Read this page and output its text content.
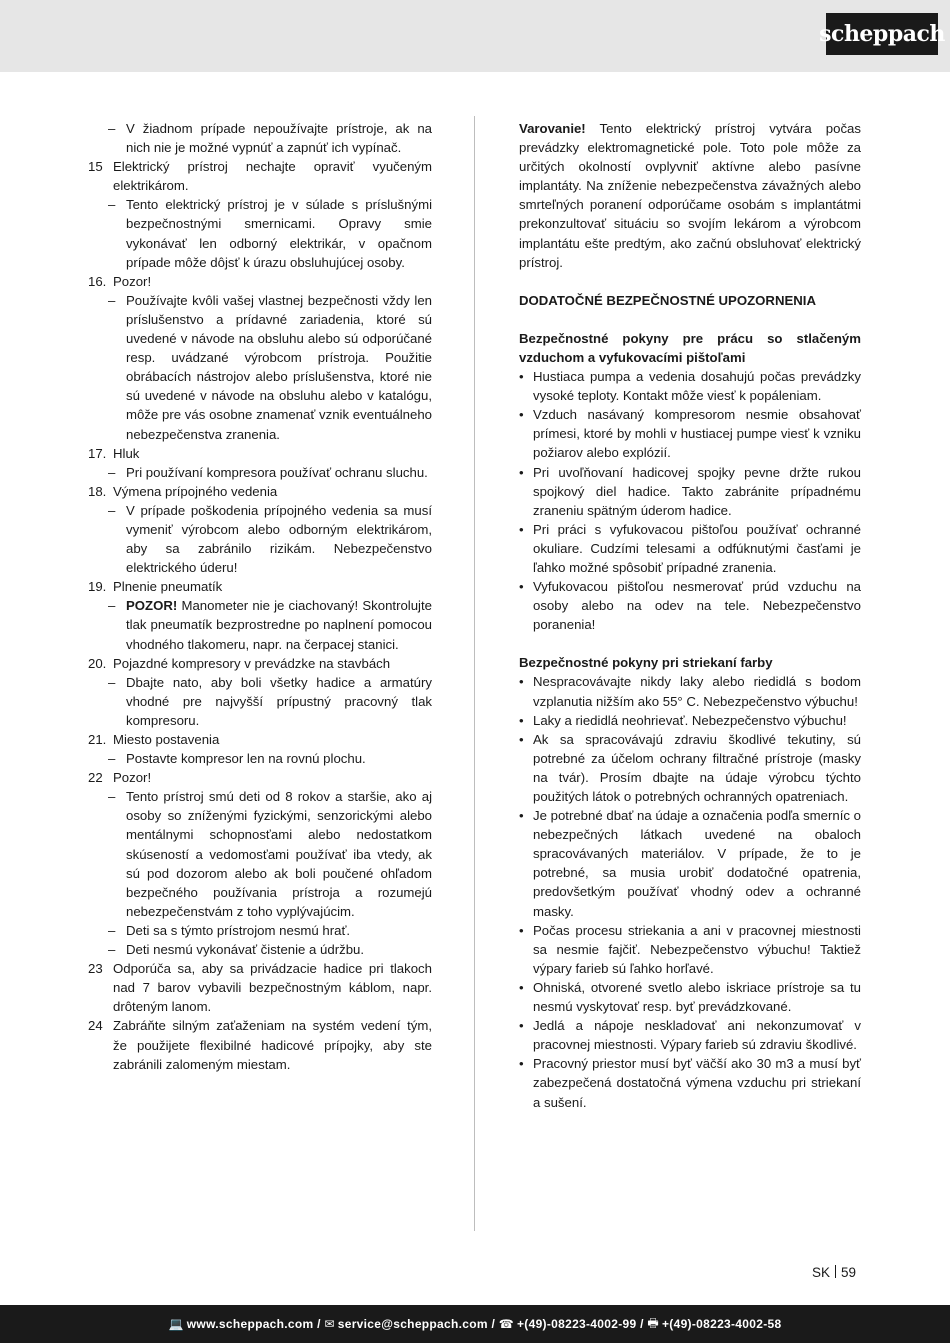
scheppach
– V žiadnom prípade nepoužívajte prístroje, ak na nich nie je možné vypnúť a zapnúť ich vypínač.
15 Elektrický prístroj nechajte opraviť vyučeným elektrikárom.
– Tento elektrický prístroj je v súlade s príslušnými bezpečnostnými smernicami. Opravy smie vykonávať len odborný elektrikár, v opačnom prípade môže dôjsť k úrazu obsluhujúcej osoby.
16. Pozor!
– Používajte kvôli vašej vlastnej bezpečnosti vždy len príslušenstvo a prídavné zariadenia, ktoré sú uvedené v návode na obsluhu alebo sú odporúčané resp. uvádzané výrobcom prístroja. Použitie obrábacích nástrojov alebo príslušenstva, ktoré nie sú uvedené v návode na obsluhu alebo v katalógu, môže pre vás osobne znamenať vznik eventuálneho nebezpečenstva zranenia.
17. Hluk
– Pri používaní kompresora používať ochranu sluchu.
18. Výmena prípojného vedenia
– V prípade poškodenia prípojného vedenia sa musí vymeniť výrobcom alebo odborným elektrikárom, aby sa zabránilo rizikám. Nebezpečenstvo elektrického úderu!
19. Plnenie pneumatík
– POZOR! Manometer nie je ciachovaný! Skontrolujte tlak pneumatík bezprostredne po naplnení pomocou vhodného tlakomeru, napr. na čerpacej stanici.
20. Pojazdné kompresory v prevádzke na stavbách
– Dbajte nato, aby boli všetky hadice a armatúry vhodné pre najvyšší prípustný pracovný tlak kompresoru.
21. Miesto postavenia
– Postavte kompresor len na rovnú plochu.
22 Pozor!
– Tento prístroj smú deti od 8 rokov a staršie, ako aj osoby so zníženými fyzickými, senzorickými alebo mentálnymi schopnosťami alebo nedostatkom skúseností a vedomosťami používať iba vtedy, ak sú pod dozorom alebo ak boli poučené ohľadom bezpečného používania prístroja a rozumejú nebezpečenstvám z toho vyplývajúcim.
– Deti sa s týmto prístrojom nesmú hrať.
– Deti nesmú vykonávať čistenie a údržbu.
23 Odporúča sa, aby sa privádzacie hadice pri tlakoch nad 7 barov vybavili bezpečnostným káblom, napr. drôteným lanom.
24 Zabráňte silným zaťaženiam na systém vedení tým, že použijete flexibilné hadicové prípojky, aby ste zabránili zalomeným miestam.
Varovanie! Tento elektrický prístroj vytvára počas prevádzky elektromagnetické pole. Toto pole môže za určitých okolností ovplyvniť aktívne alebo pasívne implantáty. Na zníženie nebezpečenstva závažných alebo smrteľných poranení odporúčame osobám s implantátmi prekonzultovať situáciu so svojím lekárom a výrobcom implantátu ešte predtým, ako začnú obsluhovať elektrický prístroj.
DODATOČNÉ BEZPEČNOSTNÉ UPOZORNENIA
Bezpečnostné pokyny pre prácu so stlačeným vzduchom a vyfukovacími pištoľami
• Hustiaca pumpa a vedenia dosahujú počas prevádzky vysoké teploty. Kontakt môže viesť k popáleniam.
• Vzduch nasávaný kompresorom nesmie obsahovať prímesi, ktoré by mohli v hustiacej pumpe viesť k vzniku požiarov alebo explózií.
• Pri uvoľňovaní hadicovej spojky pevne držte rukou spojkový diel hadice. Takto zabránite prípadnému zraneniu spätným úderom hadice.
• Pri práci s vyfukovacou pištoľou používať ochranné okuliare. Cudzími telesami a odfúknutými časťami je ľahko možné spôsobiť prípadné zranenia.
• Vyfukovacou pištoľou nesmerovať prúd vzduchu na osoby alebo na odev na tele. Nebezpečenstvo poranenia!
Bezpečnostné pokyny pri striekaní farby
• Nespracovávajte nikdy laky alebo riedidlá s bodom vzplanutia nižším ako 55° C. Nebezpečenstvo výbuchu!
• Laky a riedidlá neohrievať. Nebezpečenstvo výbuchu!
• Ak sa spracovávajú zdraviu škodlivé tekutiny, sú potrebné za účelom ochrany filtračné prístroje (masky na tvár). Prosím dbajte na údaje výrobcu týchto použitých látok o potrebných ochranných opatreniach.
• Je potrebné dbať na údaje a označenia podľa smerníc o nebezpečných látkach uvedené na obaloch spracovávaných materiálov. V prípade, že to je potrebné, sa musia urobiť dodatočné opatrenia, predovšetkým používať vhodný odev a ochranné masky.
• Počas procesu striekania a ani v pracovnej miestnosti sa nesmie fajčiť. Nebezpečenstvo výbuchu! Taktiež výpary farieb sú ľahko horľavé.
• Ohniská, otvorené svetlo alebo iskriace prístroje sa tu nesmú vyskytovať resp. byť prevádzkované.
• Jedlá a nápoje neskladovať ani nekonzumovať v pracovnej miestnosti. Výpary farieb sú zdraviu škodlivé.
• Pracovný priestor musí byť väčší ako 30 m3 a musí byť zabezpečená dostatočná výmena vzduchu pri striekaní a sušení.
SK 59
💻 www.scheppach.com /
✉ service@scheppach.com /
☎ +(49)-08223-4002-99 /
🖶 +(49)-08223-4002-58
